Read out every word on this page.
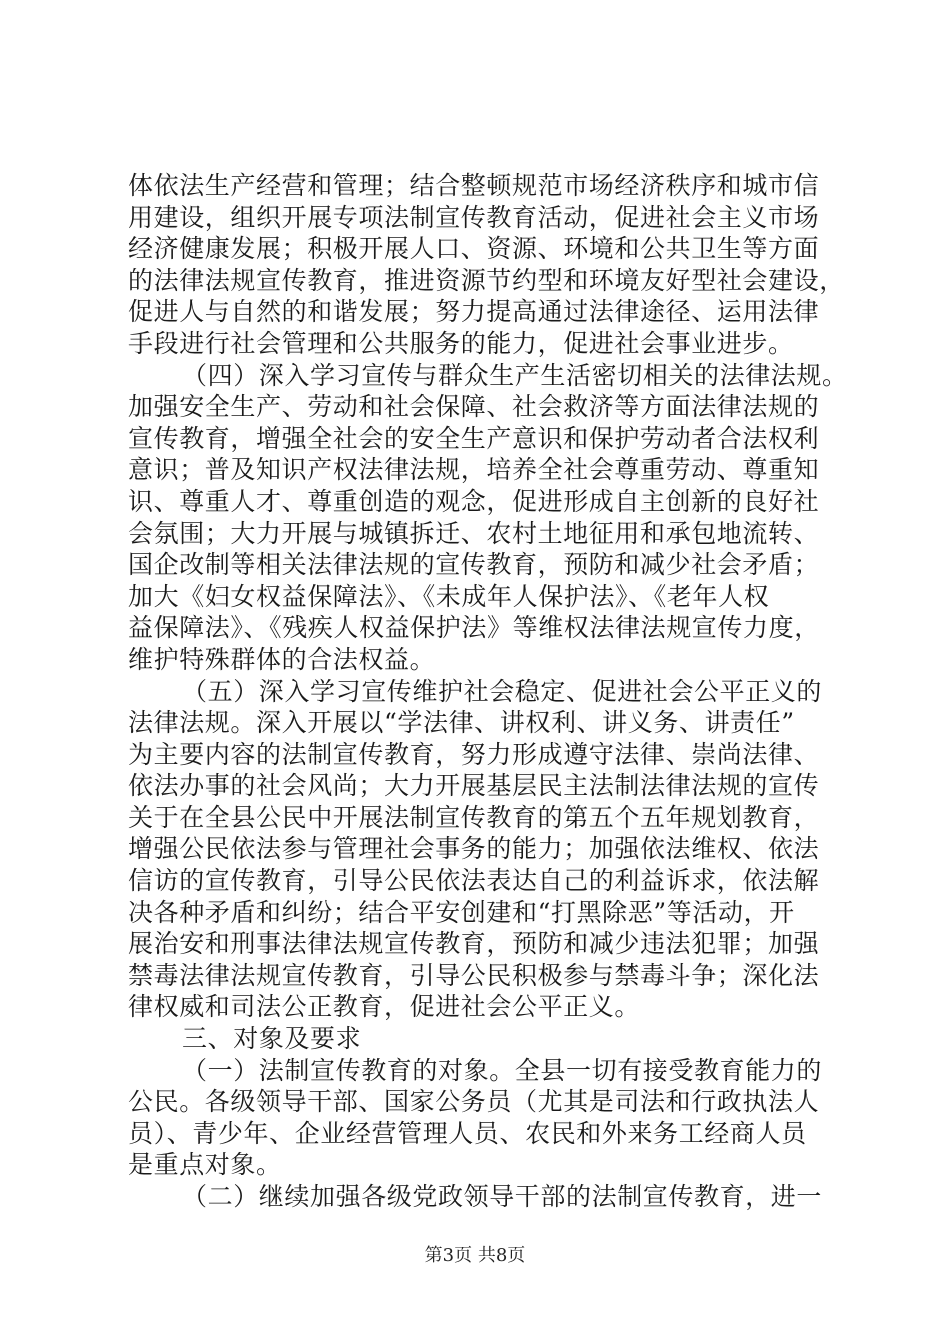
体依法生产经营和管理；结合整顿规范市场经济秩序和城市信
用建设，组织开展专项法制宣传教育活动，促进社会主义市场
经济健康发展；积极开展人口、资源、环境和公共卫生等方面
的法律法规宣传教育，推进资源节约型和环境友好型社会建设，
促进人与自然的和谐发展；努力提高通过法律途径、运用法律
手段进行社会管理和公共服务的能力，促进社会事业进步。
（四）深入学习宣传与群众生产生活密切相关的法律法规。
加强安全生产、劳动和社会保障、社会救济等方面法律法规的
宣传教育，增强全社会的安全生产意识和保护劳动者合法权利
意识；普及知识产权法律法规，培养全社会尊重劳动、尊重知
识、尊重人才、尊重创造的观念，促进形成自主创新的良好社
会氛围；大力开展与城镇拆迁、农村土地征用和承包地流转、
国企改制等相关法律法规的宣传教育，预防和减少社会矛盾；
加大《妇女权益保障法》、《未成年人保护法》、《老年人权
益保障法》、《残疾人权益保护法》等维权法律法规宣传力度，
维护特殊群体的合法权益。
（五）深入学习宣传维护社会稳定、促进社会公平正义的
法律法规。深入开展以“学法律、讲权利、讲义务、讲责任”
为主要内容的法制宣传教育，努力形成遵守法律、崇尚法律、
依法办事的社会风尚；大力开展基层民主法制法律法规的宣传
关于在全县公民中开展法制宣传教育的第五个五年规划教育，
增强公民依法参与管理社会事务的能力；加强依法维权、依法
信访的宣传教育，引导公民依法表达自己的利益诉求，依法解
决各种矛盾和纠纷；结合平安创建和“打黑除恶”等活动，开
展治安和刑事法律法规宣传教育，预防和减少违法犯罪；加强
禁毒法律法规宣传教育，引导公民积极参与禁毒斗争；深化法
律权威和司法公正教育，促进社会公平正义。
三、对象及要求
（一）法制宣传教育的对象。全县一切有接受教育能力的
公民。各级领导干部、国家公务员（尤其是司法和行政执法人
员）、青少年、企业经营管理人员、农民和外来务工经商人员
是重点对象。
（二）继续加强各级党政领导干部的法制宣传教育，进一
第3页 共8页
